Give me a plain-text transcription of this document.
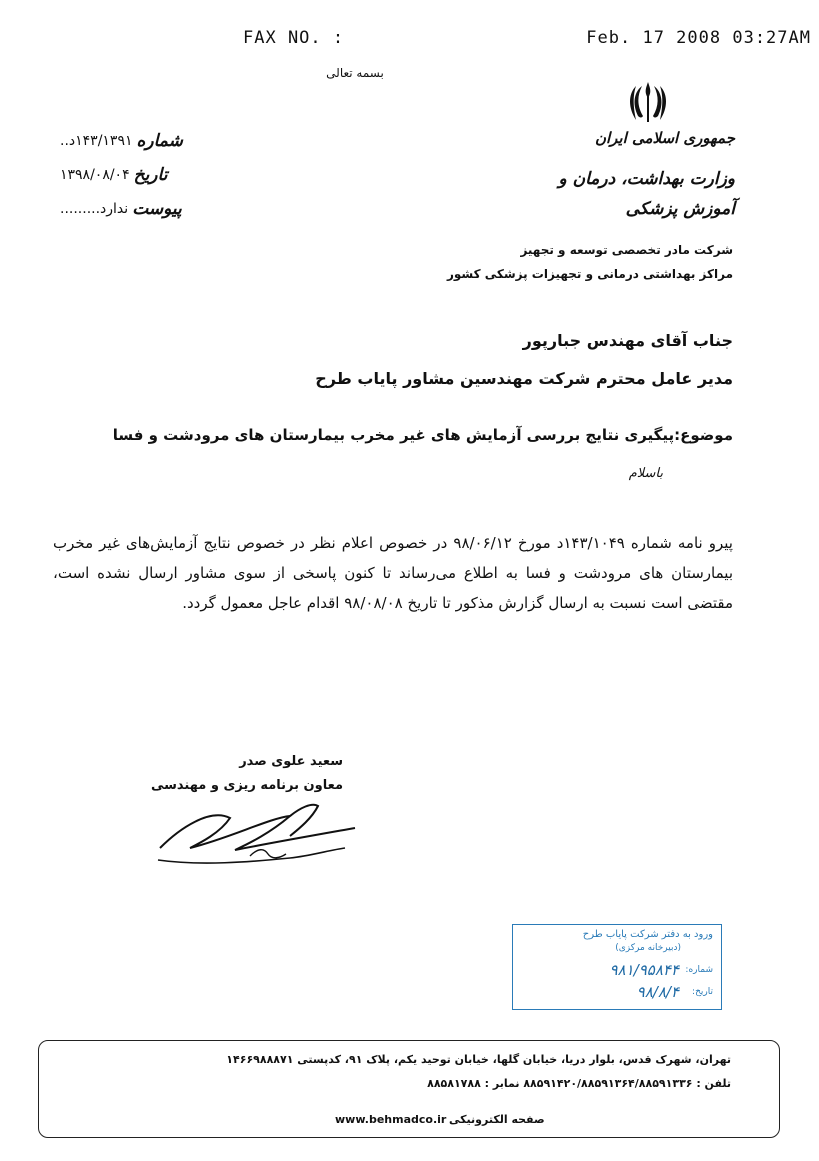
FAX NO. :	Feb. 17 2008 03:27AM
بسمه تعالی
جمهوری اسلامی ایران
وزارت بهداشت، درمان و آموزش پزشکی
شماره
۱۴۳/۱۳۹۱د..
تاریخ
۱۳۹۸/۰۸/۰۴
پیوست
ندارد.........
شرکت مادر تخصصی توسعه و تجهیز
مراکز بهداشتی درمانی و تجهیزات پزشکی کشور
جناب آقای مهندس جبارپور
مدیر عامل محترم شرکت مهندسین مشاور پایاب طرح
موضوع:پیگیری نتایج بررسی آزمایش های غیر مخرب بیمارستان های مرودشت و فسا
باسلام
پیرو نامه شماره ۱۴۳/۱۰۴۹د مورخ ۹۸/۰۶/۱۲ در خصوص اعلام نظر در خصوص نتایج آزمایش‌های غیر مخرب بیمارستان های مرودشت و فسا به اطلاع می‌رساند تا کنون پاسخی از سوی مشاور ارسال نشده است، مقتضی است نسبت به ارسال گزارش مذکور تا تاریخ ۹۸/۰۸/۰۸ اقدام عاجل معمول گردد.
سعید علوی صدر
معاون برنامه ریزی و مهندسی
ورود به دفتر شرکت پایاب طرح
(دبیرخانه مرکزی)
شماره:
۹۸۱/۹۵۸۴۴
تاریخ:
۹۸/۸/۴
تهران، شهرک قدس، بلوار دریا، خیابان گلها، خیابان توحید یکم، پلاک ۹۱، کدپستی ۱۴۶۶۹۸۸۸۷۱
تلفن : ۸۸۵۹۱۴۲۰/۸۸۵۹۱۳۶۴/۸۸۵۹۱۳۳۶ نمابر : ۸۸۵۸۱۷۸۸
صفحه الکترونیکی
www.behmadco.ir
